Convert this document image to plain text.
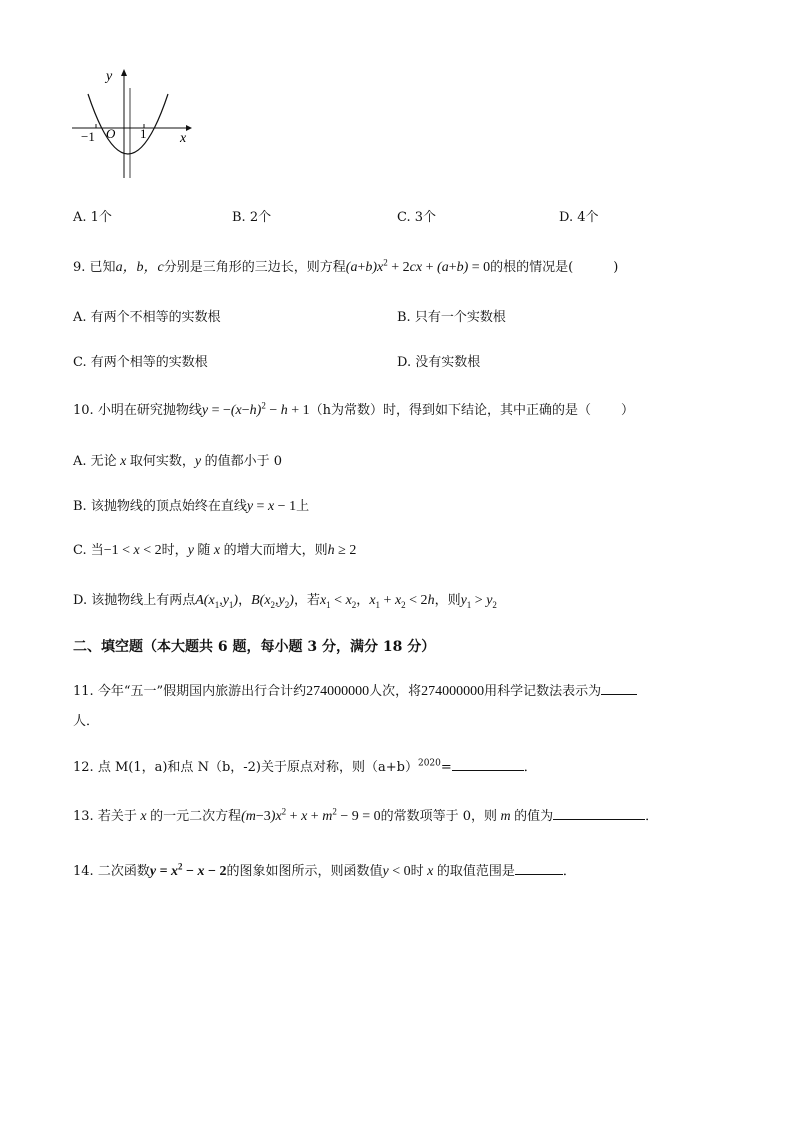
−1 O 1 x
y
A. 1个	B. 2个	C. 3个	D. 4个
9. 已知a，b，c分别是三角形的三边长，则方程$(a+b)x^2 + 2cx + (a+b) = 0$的根的情况是(	)
A. 有两个不相等的实数根	B. 只有一个实数根
C. 有两个相等的实数根	D. 没有实数根
10. 小明在研究抛物线$y = -(x-h)^2 - h + 1(h$为常数）时，得到如下结论，其中正确的是（ ）
A. 无论 x 取何实数，y 的值都小于 0
B. 该抛物线的顶点始终在直线y = x − 1上
C. 当−1 < x < 2时，y 随 x 的增大而增大，则h ≥ 2
D. 该抛物线上有两点$A(x_1,y_1)$，$B(x_2,y_2)$，若$x_1 < x_2$，$x_1 + x_2 < 2h$，则$y_1 > y_2$
二、填空题（本大题共 6 题，每小题 3 分，满分 18 分）
11. 今年“五一”假期国内旅游出行合计约274000000人次，将274000000用科学记数法表示为
人．
12. 点 M(1，a)和点 N（b，-2)关于原点对称，则$(a+b)^{2020}=$	．
13. 若关于 x 的一元二次方程$(m-3)x^2 + x + m^2 - 9 = 0$的常数项等于 0，则 m 的值为	．
14. 二次函数$y = x^2 - x - 2$的图象如图所示，则函数值y < 0时 x 的取值范围是	．
